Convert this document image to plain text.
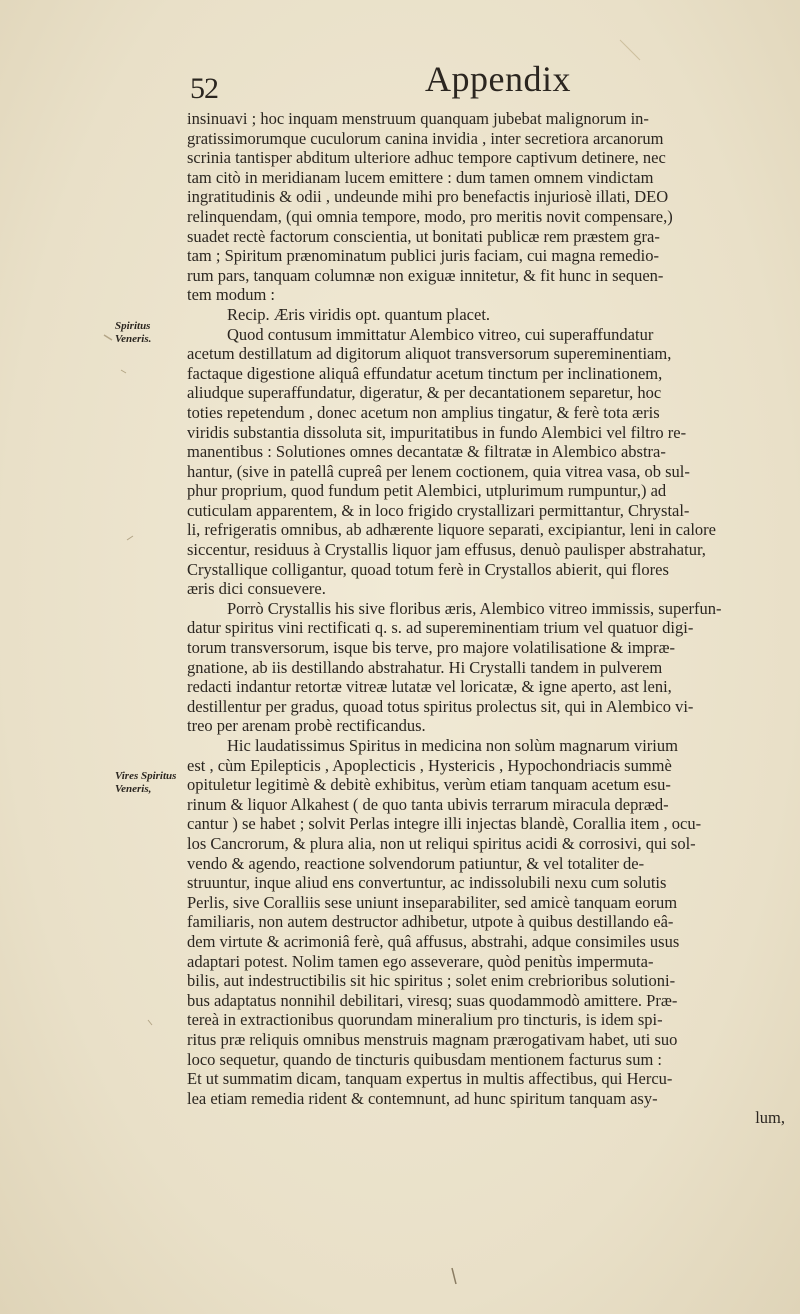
52	Appendix
Spiritus Veneris.
Vires Spiritus Veneris,
insinuavi ; hoc inquam menstruum quanquam jubebat malignorum in-
gratissimorumque cuculorum canina invidia , inter secretiora arcanorum
scrinia tantisper abditum ulteriore adhuc tempore captivum detinere, nec
tam citò in meridianam lucem emittere : dum tamen omnem vindictam
ingratitudinis & odii , undeunde mihi pro benefactis injuriosè illati, DEO
relinquendam, (qui omnia tempore, modo, pro meritis novit compensare,)
suadet rectè factorum conscientia, ut bonitati publicæ rem præstem gra-
tam ; Spiritum prænominatum publici juris faciam, cui magna remedio-
rum pars, tanquam columnæ non exiguæ innitetur, & fit hunc in sequen-
tem modum :
Recip. Æris viridis opt. quantum placet.
Quod contusum immittatur Alembico vitreo, cui superaffundatur
acetum destillatum ad digitorum aliquot transversorum supereminentiam,
factaque digestione aliquâ effundatur acetum tinctum per inclinationem,
aliudque superaffundatur, digeratur, & per decantationem separetur, hoc
toties repetendum , donec acetum non amplius tingatur, & ferè tota æris
viridis substantia dissoluta sit, impuritatibus in fundo Alembici vel filtro re-
manentibus : Solutiones omnes decantatæ & filtratæ in Alembico abstra-
hantur, (sive in patellâ cupreâ per lenem coctionem, quia vitrea vasa, ob sul-
phur proprium, quod fundum petit Alembici, utplurimum rumpuntur,) ad
cuticulam apparentem, & in loco frigido crystallizari permittantur, Chrystal-
li, refrigeratis omnibus, ab adhærente liquore separati, excipiantur, leni in calore
siccentur, residuus à Crystallis liquor jam effusus, denuò paulisper abstrahatur,
Crystallique colligantur, quoad totum ferè in Crystallos abierit, qui flores
æris dici consuevere.
Porrò Crystallis his sive floribus æris, Alembico vitreo immissis, superfun-
datur spiritus vini rectificati q. s. ad supereminentiam trium vel quatuor digi-
torum transversorum, isque bis terve, pro majore volatilisatione & impræ-
gnatione, ab iis destillando abstrahatur. Hi Crystalli tandem in pulverem
redacti indantur retortæ vitreæ lutatæ vel loricatæ, & igne aperto, ast leni,
destillentur per gradus, quoad totus spiritus prolectus sit, qui in Alembico vi-
treo per arenam probè rectificandus.
Hic laudatissimus Spiritus in medicina non solùm magnarum virium
est , cùm Epilepticis , Apoplecticis , Hystericis , Hypochondriacis summè
opituletur legitimè & debitè exhibitus, verùm etiam tanquam acetum esu-
rinum & liquor Alkahest ( de quo tanta ubivis terrarum miracula depræd-
cantur ) se habet ; solvit Perlas integre illi injectas blandè, Corallia item , ocu-
los Cancrorum, & plura alia, non ut reliqui spiritus acidi & corrosivi, qui sol-
vendo & agendo, reactione solvendorum patiuntur, & vel totaliter de-
struuntur, inque aliud ens convertuntur, ac indissolubili nexu cum solutis
Perlis, sive Coralliis sese uniunt inseparabiliter, sed amicè tanquam eorum
familiaris, non autem destructor adhibetur, utpote à quibus destillando eâ-
dem virtute & acrimoniâ ferè, quâ affusus, abstrahi, adque consimiles usus
adaptari potest. Nolim tamen ego asseverare, quòd penitùs impermuta-
bilis, aut indestructibilis sit hic spiritus ; solet enim crebrioribus solutioni-
bus adaptatus nonnihil debilitari, viresq; suas quodammodò amittere. Præ-
tereà in extractionibus quorundam mineralium pro tincturis, is idem spi-
ritus præ reliquis omnibus menstruis magnam prærogativam habet, uti suo
loco sequetur, quando de tincturis quibusdam mentionem facturus sum :
Et ut summatim dicam, tanquam expertus in multis affectibus, qui Hercu-
lea etiam remedia rident & contemnunt, ad hunc spiritum tanquam asy-
lum,
